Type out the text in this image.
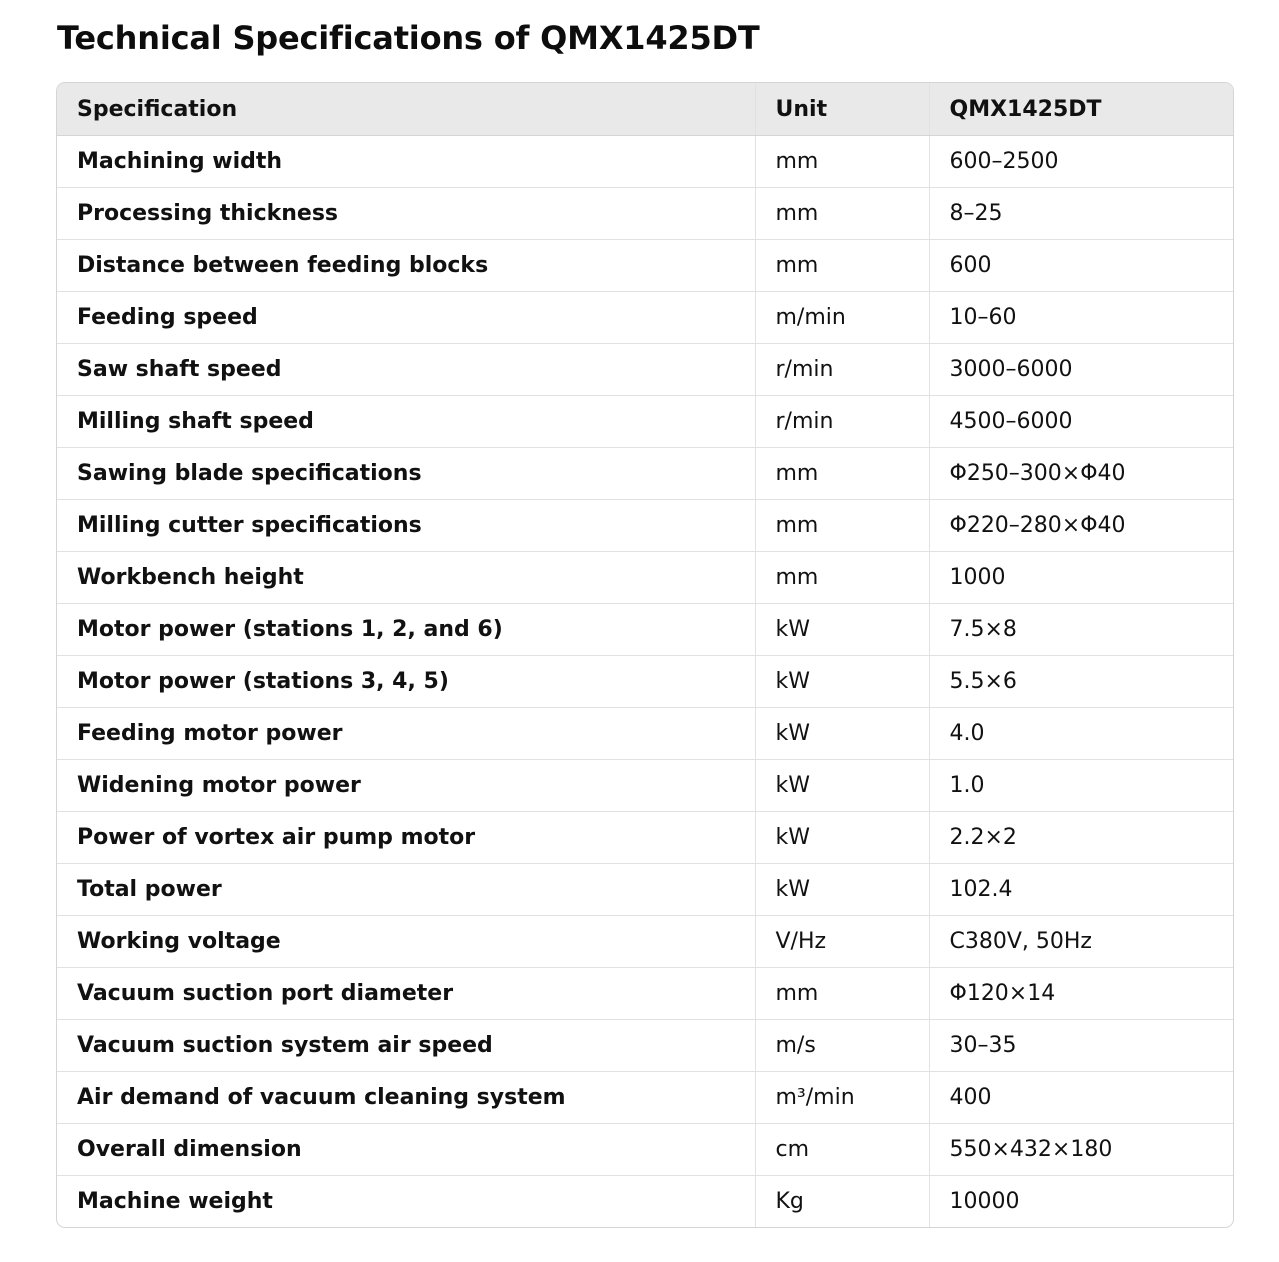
Technical Specifications of QMX1425DT
Specification	Unit	QMX1425DT
Machining width	mm	600–2500
Processing thickness	mm	8–25
Distance between feeding blocks	mm	600
Feeding speed	m/min	10–60
Saw shaft speed	r/min	3000–6000
Milling shaft speed	r/min	4500–6000
Sawing blade specifications	mm	Φ250–300×Φ40
Milling cutter specifications	mm	Φ220–280×Φ40
Workbench height	mm	1000
Motor power (stations 1, 2, and 6)	kW	7.5×8
Motor power (stations 3, 4, 5)	kW	5.5×6
Feeding motor power	kW	4.0
Widening motor power	kW	1.0
Power of vortex air pump motor	kW	2.2×2
Total power	kW	102.4
Working voltage	V/Hz	C380V, 50Hz
Vacuum suction port diameter	mm	Φ120×14
Vacuum suction system air speed	m/s	30–35
Air demand of vacuum cleaning system	m³/min	400
Overall dimension	cm	550×432×180
Machine weight	Kg	10000
